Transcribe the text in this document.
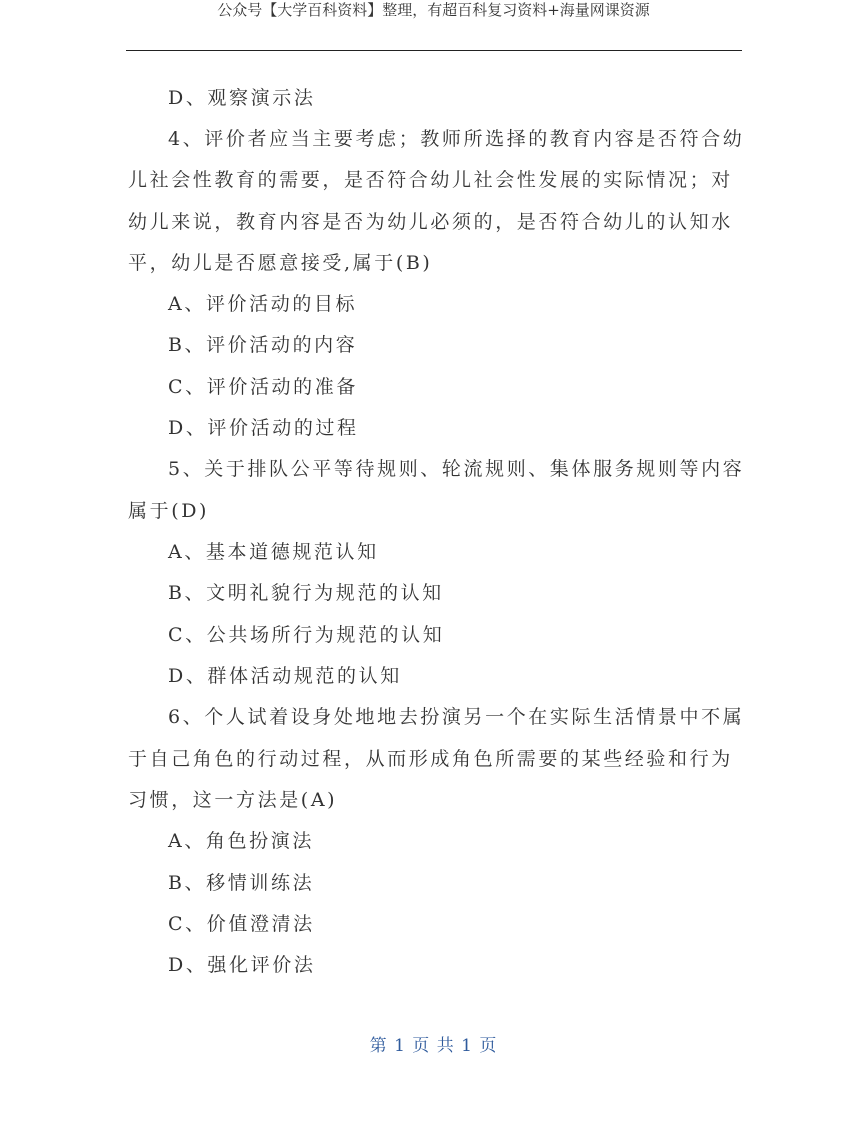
公众号【大学百科资料】整理，有超百科复习资料+海量网课资源
D、观察演示法
4、评价者应当主要考虑；教师所选择的教育内容是否符合幼
儿社会性教育的需要，是否符合幼儿社会性发展的实际情况；对
幼儿来说，教育内容是否为幼儿必须的，是否符合幼儿的认知水
平，幼儿是否愿意接受,属于(B)
A、评价活动的目标
B、评价活动的内容
C、评价活动的准备
D、评价活动的过程
5、关于排队公平等待规则、轮流规则、集体服务规则等内容
属于(D)
A、基本道德规范认知
B、文明礼貌行为规范的认知
C、公共场所行为规范的认知
D、群体活动规范的认知
6、个人试着设身处地地去扮演另一个在实际生活情景中不属
于自己角色的行动过程，从而形成角色所需要的某些经验和行为
习惯，这一方法是(A)
A、角色扮演法
B、移情训练法
C、价值澄清法
D、强化评价法
第 1 页 共 1 页
